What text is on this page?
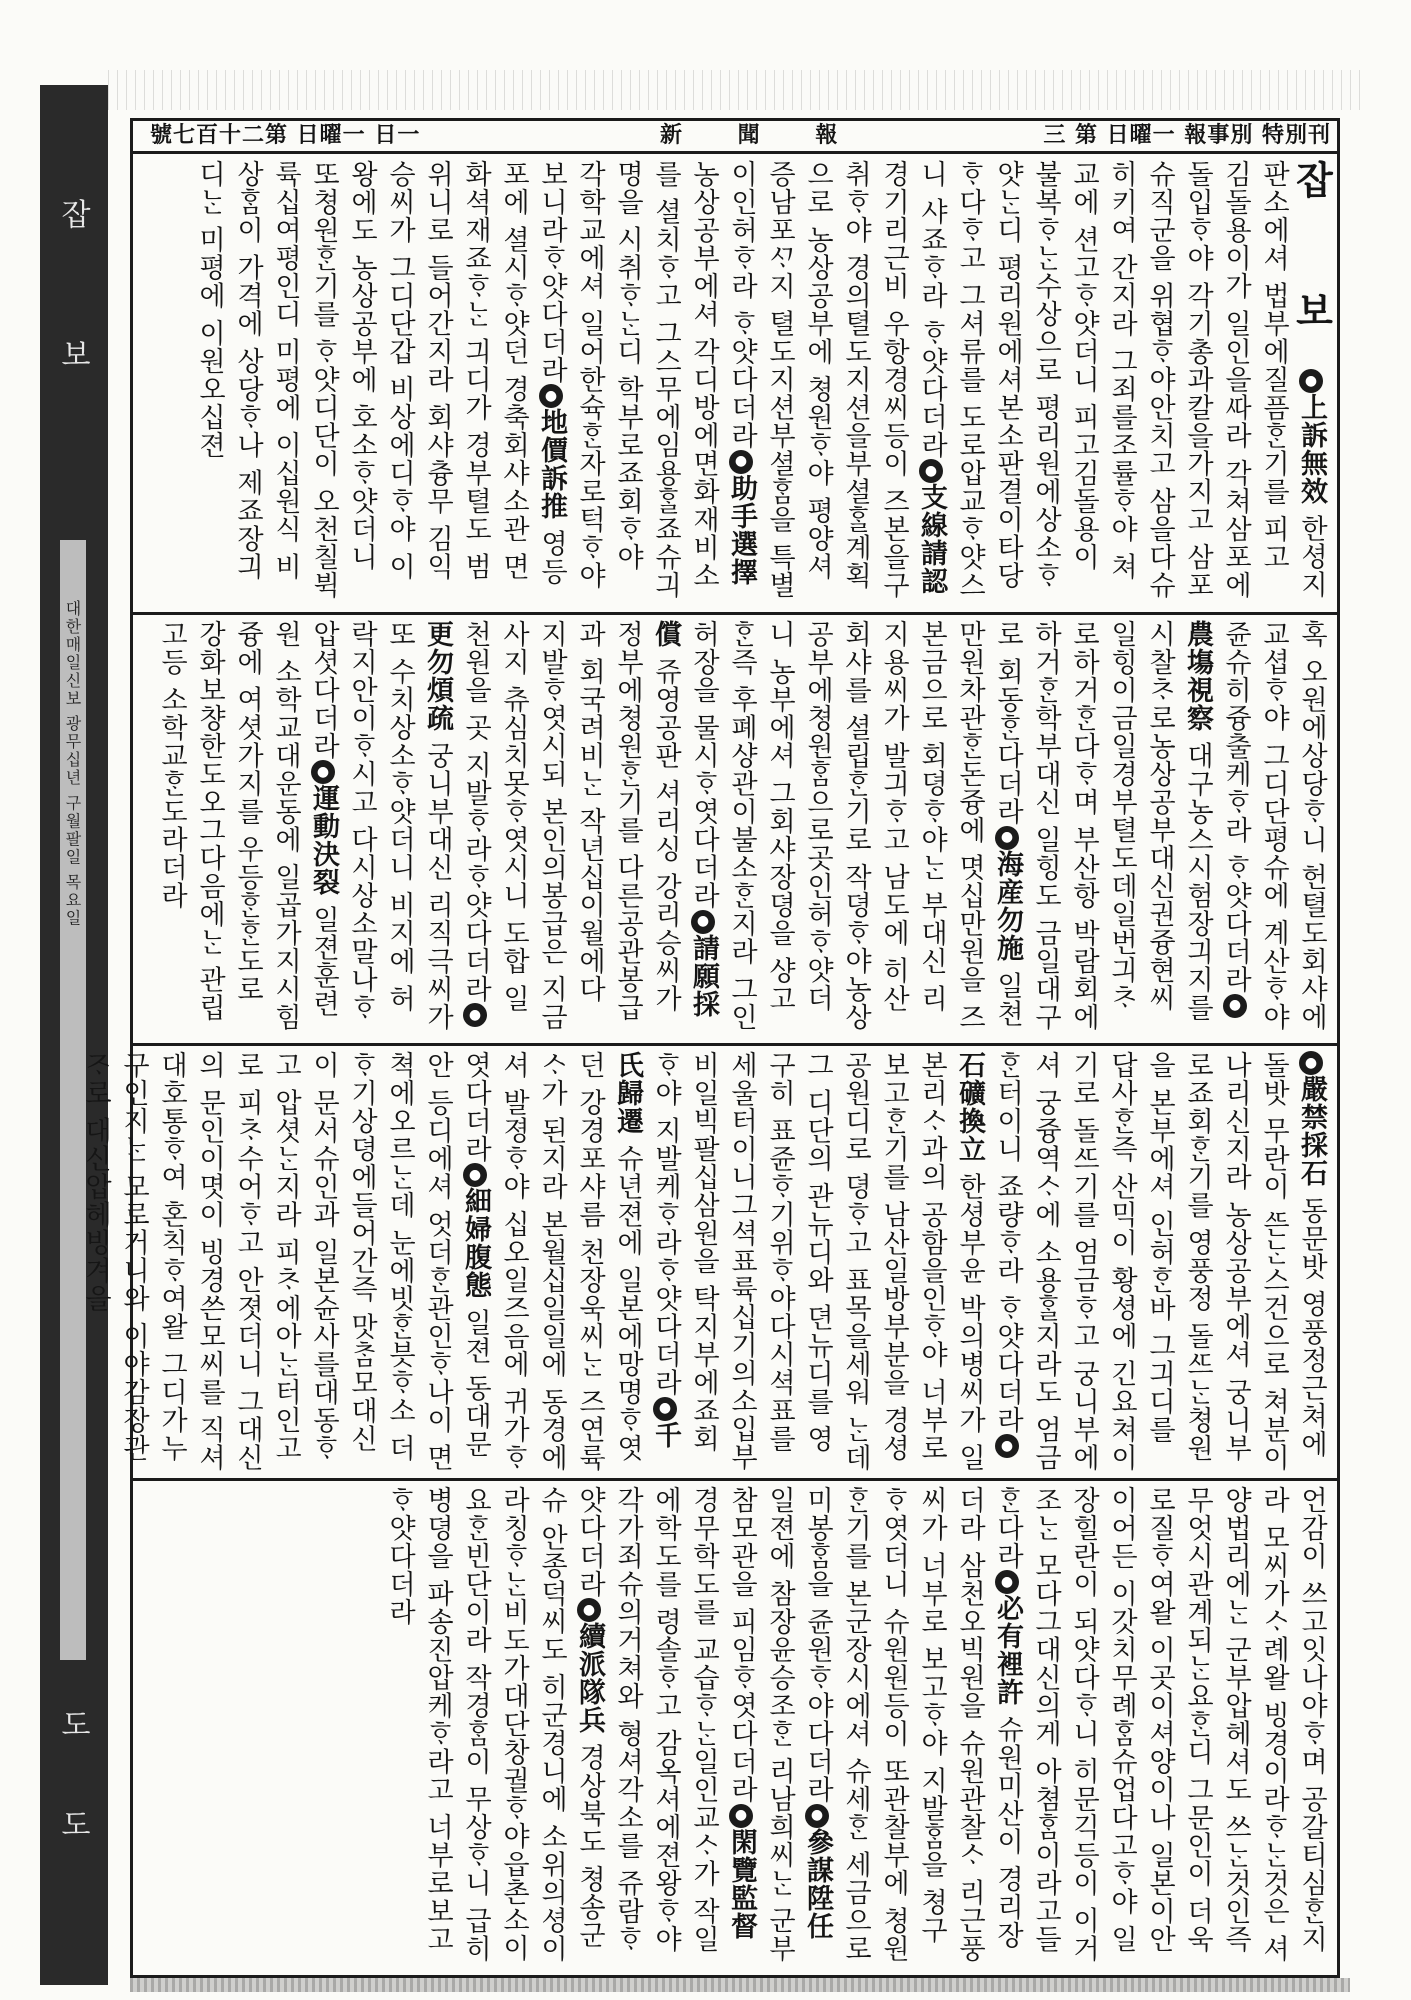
잡
보
대한매일신보 광무십년 구월팔일 목요일
도
도
三 第 日曜一 報事別 特別刊
新 聞 報
號七百十二第 日曜一 日一
잡 보●上訴無效 한셩지판소에셔 법부에질픔ᄒᆞᆫ기를 피고 김돌용이가 일인을ᄯᅡ라 각쳐삼포에돌입ᄒᆞ야 각기총과칼을가지고 삼포슈직군을 위협ᄒᆞ야안치고 삼을다슈히키여 간지라 그죄를조률ᄒᆞ야 쳐교에 션고ᄒᆞ얏더니 피고김돌용이 불복ᄒᆞᄂᆞᆫ수상으로 평리원에상소ᄒᆞ얏ᄂᆞᆫ디 평리원에셔본소판결이타당ᄒᆞ다ᄒᆞ고 그셔류를 도로압교ᄒᆞ얏스니 샤죠ᄒᆞ라 ᄒᆞ얏다더라●支線請認 경기리근비 우항경씨등이 즈본을구취ᄒᆞ야 경의텰도지션을부셜ᄒᆞᆯ계획으로 농상공부에 쳥원ᄒᆞ야 평양셔 증남포ᄭᆞ지 텰도지션부셜ᄒᆞᆷ을 특별이인허ᄒᆞ라 ᄒᆞ얏다더라●助手選擇 농상공부에셔 각디방에면화재비소를 셜치ᄒᆞ고 그스무에임용ᄒᆞᆯ죠슈긔명을 시취ᄒᆞᄂᆞᆫ디 학부로죠회ᄒᆞ야 각학교에셔 일어한슉ᄒᆞᆫ자로턱ᄒᆞ야 보니라ᄒᆞ얏다더라●地價訴推 영등포에 셜시ᄒᆞ얏던 경축회샤소관 면화셕재죠ᄒᆞᄂᆞᆫ 긔디가 경부텰도 범위니로 들어간지라 회샤츙무 김익승씨가 그디단갑 비상에디ᄒᆞ야 이왕에도 농상공부에 호소ᄒᆞ얏더니 또쳥원ᄒᆞᆫ기를 ᄒᆞ얏디단이 오천칠뷕륙십여평인디 미평에 이십원식 비상ᄒᆞᆷ이 가격에 상당ᄒᆞ나 제죠장긔디ᄂᆞᆫ 미평에 이원오십젼
혹 오원에상당ᄒᆞ니 헌텰도회샤에교셥ᄒᆞ야 그디단평슈에 계산ᄒᆞ야 쥰슈히즁출케ᄒᆞ라 ᄒᆞ얏다더라●農塲視察 대구농스시험장긔지를 시찰ᄎᆞ로농상공부대신권즁현씨일힝이금일경부텰도데일번긔ᄎᆞ로하거ᄒᆞᆫ다ᄒᆞ며 부산항 박람회에 하거ᄒᆞᆫ학부대신 일힝도 금일대구로 회동ᄒᆞᆫ다더라●海産勿施 일쳔만원차관ᄒᆞᆫ돈즁에 몃십만원을 즈본금으로 회뎡ᄒᆞ야ᄂᆞᆫ 부대신 리지용씨가 발긔ᄒᆞ고 남도에 히산회샤를 셜립ᄒᆞᆫ기로 작뎡ᄒᆞ야농상공부에쳥원ᄒᆞᆷ으로곳인허ᄒᆞ얏더니 농부에셔 그회샤장뎡을 샹고ᄒᆞᆫ즉 후폐샹관이불소ᄒᆞᆫ지라 그인허장을 물시ᄒᆞ엿다더라●請願採償 쥬영공판 셔리싱 강리승씨가 정부에쳥원ᄒᆞᆫ기를 다른공관봉급과 회국려비ᄂᆞᆫ 작년십이월에다 지발ᄒᆞ엿시되 본인의봉급은 지금사지 츄심치못ᄒᆞ엿시니 도합 일천원을 곳 지발ᄒᆞ라ᄒᆞ얏다더라●更勿煩疏 궁니부대신 리직극씨가 또 수치상소ᄒᆞ얏더니 비지에 허락지안이ᄒᆞ시고 다시상소말나ᄒᆞ압셧다더라●運動決裂 일젼훈련원 소학교대운동에 일곱가지시힘즁에 여셧가지를 우등ᄒᆞᆫᄒᆞᆫ도로 강화보챵한도오그다음에ᄂᆞᆫ 관립고등 소학교ᄒᆞᆫ도라더라
●嚴禁採石 동문밧 영풍정근쳐에 돌밧 무란이 ᄯᅳᆫᄂᆞᆫ스건으로 쳐분이나리신지라 농상공부에셔 궁니부로죠회ᄒᆞᆫ기를 영풍정 돌ᄯᅳᄂᆞᆫ쳥원을 본부에셔 인허ᄒᆞᆫ바 그긔디를 답사ᄒᆞᆫ즉 산믹이 황셩에 긴요쳐이기로 돌ᄯᅳ기를 엄금ᄒᆞ고 궁니부에셔 궁즁역ᄉᆞ에 소용ᄒᆞᆯ지라도 엄금ᄒᆞᆫ터이니 죠량ᄒᆞ라 ᄒᆞ얏다더라●石礦換立 한셩부윤 박의병씨가 일본리ᄉᆞ과의 공함을인ᄒᆞ야 너부로 보고ᄒᆞᆫ기를 남산일방부분을 경셩공원디로 뎡ᄒᆞ고 표목을세워 ᄂᆞᆫ데 그 디단의 관뉴디와 뎐뉴디를 영구히 표쥰ᄒᆞ기위ᄒᆞ야다시셕표를세울터이니그셕표륙십기의소입부비일빅팔십삼원을 탁지부에죠회ᄒᆞ야 지발케ᄒᆞ라ᄒᆞ얏다더라●千氏歸遷 슈년젼에 일본에망명ᄒᆞ엿던 강경포샤름 천장욱씨ᄂᆞᆫ 즈연륙ᄉᆞ가 된지라 본월십일일에 동경에셔 발졍ᄒᆞ야 십오일즈음에 귀가ᄒᆞ엿다더라●細婦腹態 일젼 동대문안 등디에셔 엇더ᄒᆞᆫ관인ᄒᆞ나이 면쳑에오르ᄂᆞᆫ데 눈에빗ᄒᆞᆫ븟ᄒᆞ소 더ᄒᆞ기상뎡에들어간즉 맛ᄎᆞᆷ모대신이 문서슈인과 일본슌사를대동ᄒᆞ고 압셧ᄂᆞᆫ지라 피ᄎᆞ에아ᄂᆞᆫ터인고로 피ᄎᆞ수어ᄒᆞ고 안졋더니 그대신의 문인이몃이 빙경쓴모씨를 직셔대호통ᄒᆞ여 혼칙ᄒᆞ여왈 그디가누구인지ᄂᆞᆫ 모로거니와 이야감장관ᄌᆞ로 대신압헤빙겨을
언감이 쓰고잇나야ᄒᆞ며 공갈티심ᄒᆞᆫ지라 모씨가ᄉᆞ례왈 빙경이라ᄒᆞᄂᆞᆫ것은 셔양법리에ᄂᆞᆫ 군부압헤셔도 쓰ᄂᆞᆫ것인즉 무엇시관계되ᄂᆞᆫ요ᄒᆞᆫ디 그문인이 더욱로질ᄒᆞ여왈 이곳이셔양이나 일본이안이어든 이갓치무례ᄒᆞᆷ슈업다고ᄒᆞ야 일장힐란이 되얏다ᄒᆞ니 히문긱등이 이거조ᄂᆞᆫ 모다그대신의게 아쳠ᄒᆞᆷ이라고들ᄒᆞᆫ다라●必有裡許 슈원미산이 경리장더라 삼천오빅원을 슈원관찰ᄉᆞ 리근풍씨가 너부로 보고ᄒᆞ야 지발ᄒᆞᆷ을 쳥구ᄒᆞ엿더니 슈원원등이 또관찰부에 쳥원ᄒᆞᆫ기를 본군장시에셔 슈세ᄒᆞᆫ 세금으로 미봉ᄒᆞᆷ을 쥰원ᄒᆞ야다더라●參謀陞任 일젼에 참장윤승조ᄒᆞᆫ 리남희씨ᄂᆞᆫ 군부참모관을 피임ᄒᆞ엿다더라●閑覽監督 경무학도를 교습ᄒᆞᄂᆞᆫ일인교ᄉᆞ가 작일에학도를 령솔ᄒᆞ고 감옥셔에젼왕ᄒᆞ야 각가죄슈의거쳐와 형셔각소를 쥬람ᄒᆞ얏다더라●續派隊兵 경상북도 쳥송군슈 안종덕씨도 히군경니에 소위의셩이라칭ᄒᆞᄂᆞᆫ비도가대단창궐ᄒᆞ야읍촌소이요ᄒᆞᆫ빈단이라 작경ᄒᆞᆷ이 무상ᄒᆞ니 급히병뎡을 파송진압케ᄒᆞ라고 너부로보고ᄒᆞ얏다더라
